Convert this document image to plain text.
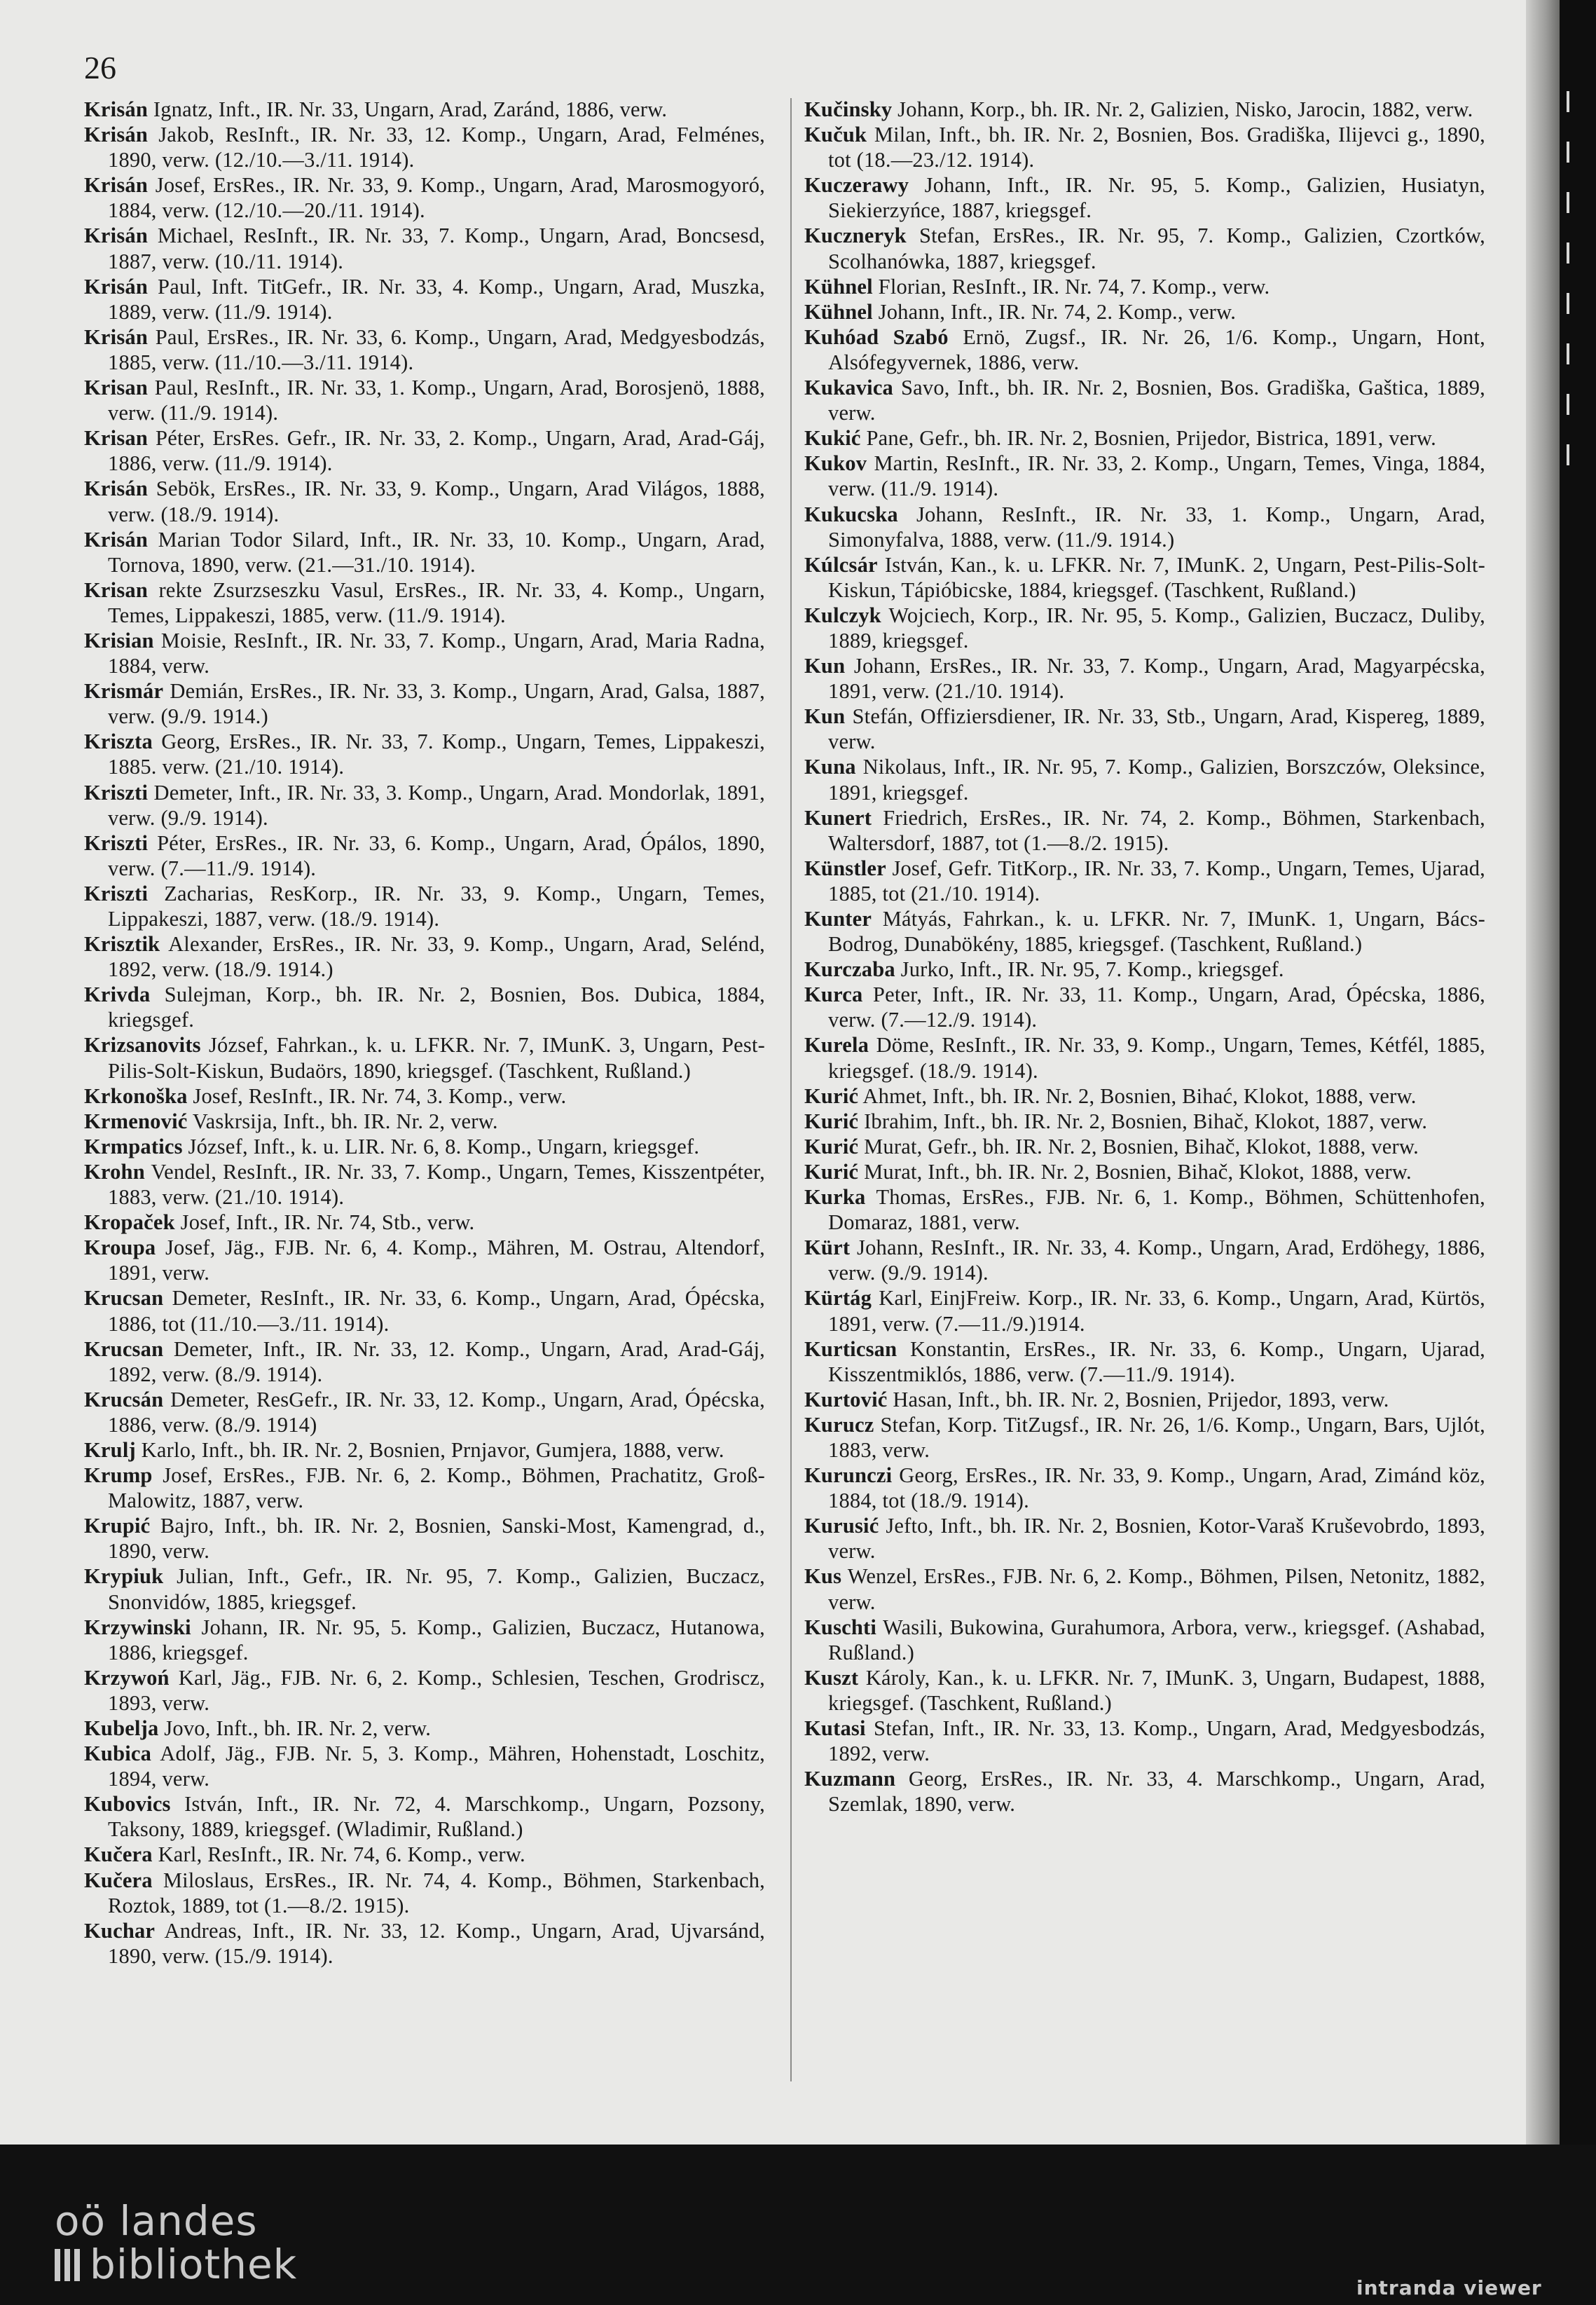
26

Krisán Ignatz, Inft., IR. Nr. 33, Ungarn, Arad, Zaránd, 1886, verw.

Krisán Jakob, ResInft., IR. Nr. 33, 12. Komp., Ungarn, Arad, Felménes, 1890, verw. (12./10.—3./11. 1914).

Krisán Josef, ErsRes., IR. Nr. 33, 9. Komp., Ungarn, Arad, Marosmogyoró, 1884, verw. (12./10.—20./11. 1914).

Krisán Michael, ResInft., IR. Nr. 33, 7. Komp., Ungarn, Arad, Boncsesd, 1887, verw. (10./11. 1914).

Krisán Paul, Inft. TitGefr., IR. Nr. 33, 4. Komp., Ungarn, Arad, Muszka, 1889, verw. (11./9. 1914).

Krisán Paul, ErsRes., IR. Nr. 33, 6. Komp., Ungarn, Arad, Medgyesbodzás, 1885, verw. (11./10.—3./11. 1914).

Krisan Paul, ResInft., IR. Nr. 33, 1. Komp., Ungarn, Arad, Borosjenö, 1888, verw. (11./9. 1914).

Krisan Péter, ErsRes. Gefr., IR. Nr. 33, 2. Komp., Ungarn, Arad, Arad-Gáj, 1886, verw. (11./9. 1914).

Krisán Sebök, ErsRes., IR. Nr. 33, 9. Komp., Ungarn, Arad Világos, 1888, verw. (18./9. 1914).

Krisán Marian Todor Silard, Inft., IR. Nr. 33, 10. Komp., Ungarn, Arad, Tornova, 1890, verw. (21.—31./10. 1914).

Krisan rekte Zsurzseszku Vasul, ErsRes., IR. Nr. 33, 4. Komp., Ungarn, Temes, Lippakeszi, 1885, verw. (11./9. 1914).

Krisian Moisie, ResInft., IR. Nr. 33, 7. Komp., Ungarn, Arad, Maria Radna, 1884, verw.

Krismár Demián, ErsRes., IR. Nr. 33, 3. Komp., Ungarn, Arad, Galsa, 1887, verw. (9./9. 1914.)

Kriszta Georg, ErsRes., IR. Nr. 33, 7. Komp., Ungarn, Temes, Lippakeszi, 1885. verw. (21./10. 1914).

Kriszti Demeter, Inft., IR. Nr. 33, 3. Komp., Ungarn, Arad. Mondorlak, 1891, verw. (9./9. 1914).

Kriszti Péter, ErsRes., IR. Nr. 33, 6. Komp., Ungarn, Arad, Ópálos, 1890, verw. (7.—11./9. 1914).

Kriszti Zacharias, ResKorp., IR. Nr. 33, 9. Komp., Ungarn, Temes, Lippakeszi, 1887, verw. (18./9. 1914).

Krisztik Alexander, ErsRes., IR. Nr. 33, 9. Komp., Ungarn, Arad, Selénd, 1892, verw. (18./9. 1914.)

Krivda Sulejman, Korp., bh. IR. Nr. 2, Bosnien, Bos. Dubica, 1884, kriegsgef.

Krizsanovits József, Fahrkan., k. u. LFKR. Nr. 7, IMunK. 3, Ungarn, Pest-Pilis-Solt-Kiskun, Budaörs, 1890, kriegsgef. (Taschkent, Rußland.)

Krkonoška Josef, ResInft., IR. Nr. 74, 3. Komp., verw.

Krmenović Vaskrsija, Inft., bh. IR. Nr. 2, verw.

Krmpatics József, Inft., k. u. LIR. Nr. 6, 8. Komp., Ungarn, kriegsgef.

Krohn Vendel, ResInft., IR. Nr. 33, 7. Komp., Ungarn, Temes, Kisszentpéter, 1883, verw. (21./10. 1914).

Kropaček Josef, Inft., IR. Nr. 74, Stb., verw.

Kroupa Josef, Jäg., FJB. Nr. 6, 4. Komp., Mähren, M. Ostrau, Altendorf, 1891, verw.

Krucsan Demeter, ResInft., IR. Nr. 33, 6. Komp., Ungarn, Arad, Ópécska, 1886, tot (11./10.—3./11. 1914).

Krucsan Demeter, Inft., IR. Nr. 33, 12. Komp., Ungarn, Arad, Arad-Gáj, 1892, verw. (8./9. 1914).

Krucsán Demeter, ResGefr., IR. Nr. 33, 12. Komp., Ungarn, Arad, Ópécska, 1886, verw. (8./9. 1914)

Krulj Karlo, Inft., bh. IR. Nr. 2, Bosnien, Prnjavor, Gumjera, 1888, verw.

Krump Josef, ErsRes., FJB. Nr. 6, 2. Komp., Böhmen, Prachatitz, Groß-Malowitz, 1887, verw.

Krupić Bajro, Inft., bh. IR. Nr. 2, Bosnien, Sanski-Most, Kamengrad, d., 1890, verw.

Krypiuk Julian, Inft., Gefr., IR. Nr. 95, 7. Komp., Galizien, Buczacz, Snonvidów, 1885, kriegsgef.

Krzywinski Johann, IR. Nr. 95, 5. Komp., Galizien, Buczacz, Hutanowa, 1886, kriegsgef.

Krzywoń Karl, Jäg., FJB. Nr. 6, 2. Komp., Schlesien, Teschen, Grodriscz, 1893, verw.

Kubelja Jovo, Inft., bh. IR. Nr. 2, verw.

Kubica Adolf, Jäg., FJB. Nr. 5, 3. Komp., Mähren, Hohenstadt, Loschitz, 1894, verw.

Kubovics István, Inft., IR. Nr. 72, 4. Marschkomp., Ungarn, Pozsony, Taksony, 1889, kriegsgef. (Wladimir, Rußland.)

Kučera Karl, ResInft., IR. Nr. 74, 6. Komp., verw.

Kučera Miloslaus, ErsRes., IR. Nr. 74, 4. Komp., Böhmen, Starkenbach, Roztok, 1889, tot (1.—8./2. 1915).

Kuchar Andreas, Inft., IR. Nr. 33, 12. Komp., Ungarn, Arad, Ujvarsánd, 1890, verw. (15./9. 1914).

Kučinsky Johann, Korp., bh. IR. Nr. 2, Galizien, Nisko, Jarocin, 1882, verw.

Kučuk Milan, Inft., bh. IR. Nr. 2, Bosnien, Bos. Gradiška, Ilijevci g., 1890, tot (18.—23./12. 1914).

Kuczerawy Johann, Inft., IR. Nr. 95, 5. Komp., Galizien, Husiatyn, Siekierzyńce, 1887, kriegsgef.

Kuczneryk Stefan, ErsRes., IR. Nr. 95, 7. Komp., Galizien, Czortków, Scolhanówka, 1887, kriegsgef.

Kühnel Florian, ResInft., IR. Nr. 74, 7. Komp., verw.

Kühnel Johann, Inft., IR. Nr. 74, 2. Komp., verw.

Kuhóad Szabó Ernö, Zugsf., IR. Nr. 26, 1/6. Komp., Ungarn, Hont, Alsófegyvernek, 1886, verw.

Kukavica Savo, Inft., bh. IR. Nr. 2, Bosnien, Bos. Gradiška, Gaštica, 1889, verw.

Kukić Pane, Gefr., bh. IR. Nr. 2, Bosnien, Prijedor, Bistrica, 1891, verw.

Kukov Martin, ResInft., IR. Nr. 33, 2. Komp., Ungarn, Temes, Vinga, 1884, verw. (11./9. 1914).

Kukucska Johann, ResInft., IR. Nr. 33, 1. Komp., Ungarn, Arad, Simonyfalva, 1888, verw. (11./9. 1914.)

Kúlcsár István, Kan., k. u. LFKR. Nr. 7, IMunK. 2, Ungarn, Pest-Pilis-Solt-Kiskun, Tápióbicske, 1884, kriegsgef. (Taschkent, Rußland.)

Kulczyk Wojciech, Korp., IR. Nr. 95, 5. Komp., Galizien, Buczacz, Duliby, 1889, kriegsgef.

Kun Johann, ErsRes., IR. Nr. 33, 7. Komp., Ungarn, Arad, Magyarpécska, 1891, verw. (21./10. 1914).

Kun Stefán, Offiziersdiener, IR. Nr. 33, Stb., Ungarn, Arad, Kispereg, 1889, verw.

Kuna Nikolaus, Inft., IR. Nr. 95, 7. Komp., Galizien, Borszczów, Oleksince, 1891, kriegsgef.

Kunert Friedrich, ErsRes., IR. Nr. 74, 2. Komp., Böhmen, Starkenbach, Waltersdorf, 1887, tot (1.—8./2. 1915).

Künstler Josef, Gefr. TitKorp., IR. Nr. 33, 7. Komp., Ungarn, Temes, Ujarad, 1885, tot (21./10. 1914).

Kunter Mátyás, Fahrkan., k. u. LFKR. Nr. 7, IMunK. 1, Ungarn, Bács-Bodrog, Dunabökény, 1885, kriegsgef. (Taschkent, Rußland.)

Kurczaba Jurko, Inft., IR. Nr. 95, 7. Komp., kriegsgef.

Kurca Peter, Inft., IR. Nr. 33, 11. Komp., Ungarn, Arad, Ópécska, 1886, verw. (7.—12./9. 1914).

Kurela Döme, ResInft., IR. Nr. 33, 9. Komp., Ungarn, Temes, Kétfél, 1885, kriegsgef. (18./9. 1914).

Kurić Ahmet, Inft., bh. IR. Nr. 2, Bosnien, Bihać, Klokot, 1888, verw.

Kurić Ibrahim, Inft., bh. IR. Nr. 2, Bosnien, Bihač, Klokot, 1887, verw.

Kurić Murat, Gefr., bh. IR. Nr. 2, Bosnien, Bihač, Klokot, 1888, verw.

Kurić Murat, Inft., bh. IR. Nr. 2, Bosnien, Bihač, Klokot, 1888, verw.

Kurka Thomas, ErsRes., FJB. Nr. 6, 1. Komp., Böhmen, Schüttenhofen, Domaraz, 1881, verw.

Kürt Johann, ResInft., IR. Nr. 33, 4. Komp., Ungarn, Arad, Erdöhegy, 1886, verw. (9./9. 1914).

Kürtág Karl, EinjFreiw. Korp., IR. Nr. 33, 6. Komp., Ungarn, Arad, Kürtös, 1891, verw. (7.—11./9.)1914.

Kurticsan Konstantin, ErsRes., IR. Nr. 33, 6. Komp., Ungarn, Ujarad, Kisszentmiklós, 1886, verw. (7.—11./9. 1914).

Kurtović Hasan, Inft., bh. IR. Nr. 2, Bosnien, Prijedor, 1893, verw.

Kurucz Stefan, Korp. TitZugsf., IR. Nr. 26, 1/6. Komp., Ungarn, Bars, Ujlót, 1883, verw.

Kurunczi Georg, ErsRes., IR. Nr. 33, 9. Komp., Ungarn, Arad, Zimánd köz, 1884, tot (18./9. 1914).

Kurusić Jefto, Inft., bh. IR. Nr. 2, Bosnien, Kotor-Varaš Kruševobrdo, 1893, verw.

Kus Wenzel, ErsRes., FJB. Nr. 6, 2. Komp., Böhmen, Pilsen, Netonitz, 1882, verw.

Kuschti Wasili, Bukowina, Gurahumora, Arbora, verw., kriegsgef. (Ashabad, Rußland.)

Kuszt Károly, Kan., k. u. LFKR. Nr. 7, IMunK. 3, Ungarn, Budapest, 1888, kriegsgef. (Taschkent, Rußland.)

Kutasi Stefan, Inft., IR. Nr. 33, 13. Komp., Ungarn, Arad, Medgyesbodzás, 1892, verw.

Kuzmann Georg, ErsRes., IR. Nr. 33, 4. Marschkomp., Ungarn, Arad, Szemlak, 1890, verw.

oö landes
bibliothek	intranda viewer
